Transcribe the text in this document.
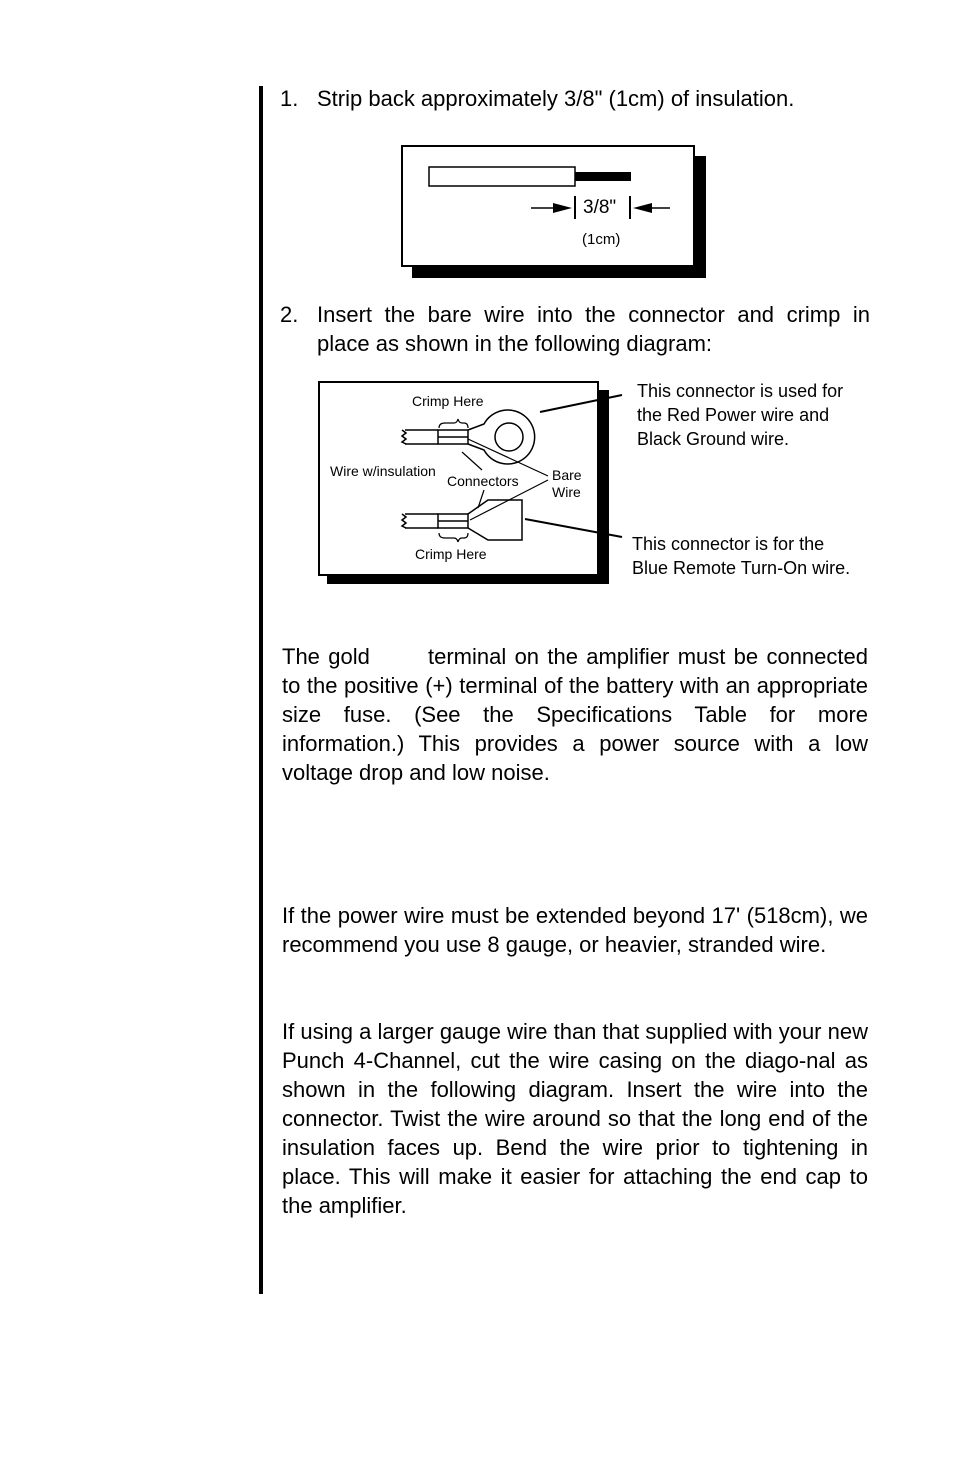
1. Strip back approximately 3/8" (1cm) of insulation.
3/8"
(1cm)
2. Insert the bare wire into the connector and crimp in place as shown in the following diagram:
Crimp Here
Wire w/insulation
Connectors Bare
Wire
Crimp Here
This connector is used for
the Red Power wire and
Black Ground wire.
This connector is for the
Blue Remote Turn-On wire.
The gold       terminal on the amplifier must be connected            to the positive (+) terminal of the battery with an appropriate size fuse. (See the Specifications Table for more information.) This provides a power source with a low voltage drop and low noise.
If the power wire must be extended beyond 17' (518cm), we recommend you use 8 gauge, or heavier, stranded wire.
If using a larger gauge wire than that supplied with your new Punch 4-Channel, cut the wire casing on the diago-nal as shown in the following diagram. Insert the wire into the connector. Twist the wire around so that the long end of the insulation faces up. Bend the wire prior to tightening in place. This will make it easier for attaching the end cap to the amplifier.
